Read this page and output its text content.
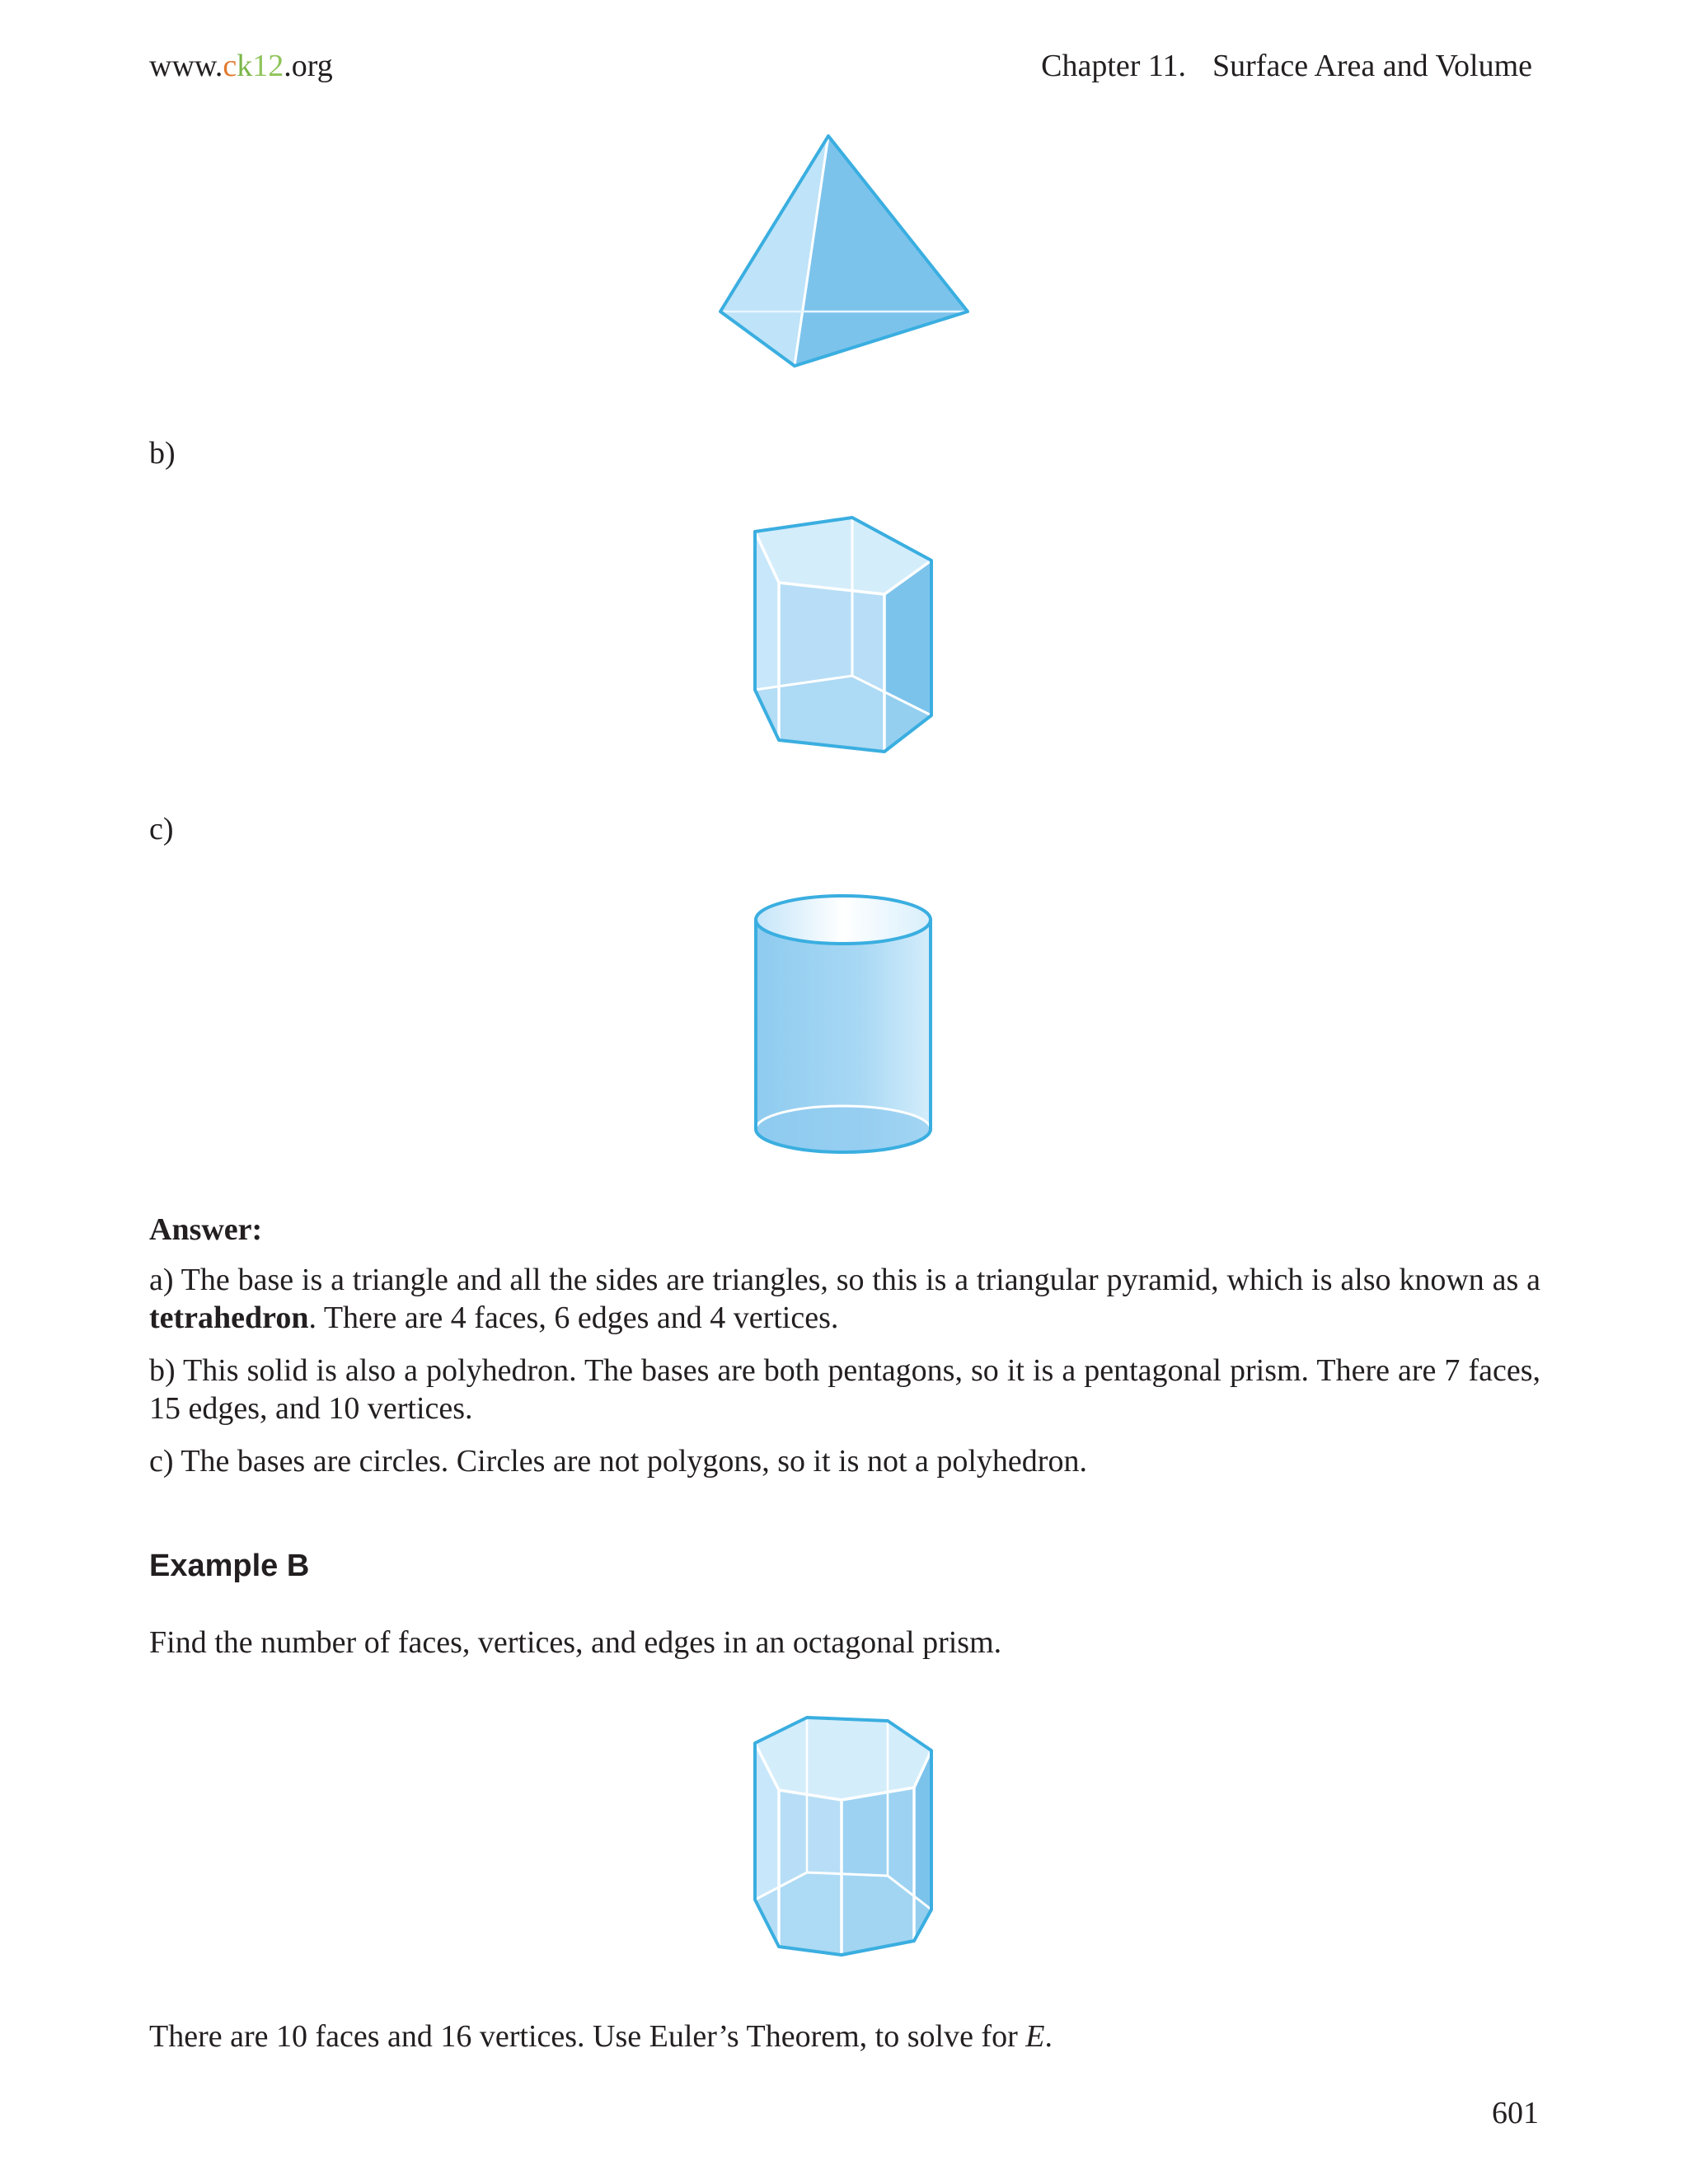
www.ck12.org	Chapter 11. Surface Area and Volume
b)
c)
Answer:

a) The base is a triangle and all the sides are triangles, so this is a triangular pyramid, which is also known as a tetrahedron. There are 4 faces, 6 edges and 4 vertices.

b) This solid is also a polyhedron. The bases are both pentagons, so it is a pentagonal prism. There are 7 faces, 15 edges, and 10 vertices.

c) The bases are circles. Circles are not polygons, so it is not a polyhedron.

Example B

Find the number of faces, vertices, and edges in an octagonal prism.

There are 10 faces and 16 vertices. Use Euler’s Theorem, to solve for E.

601
